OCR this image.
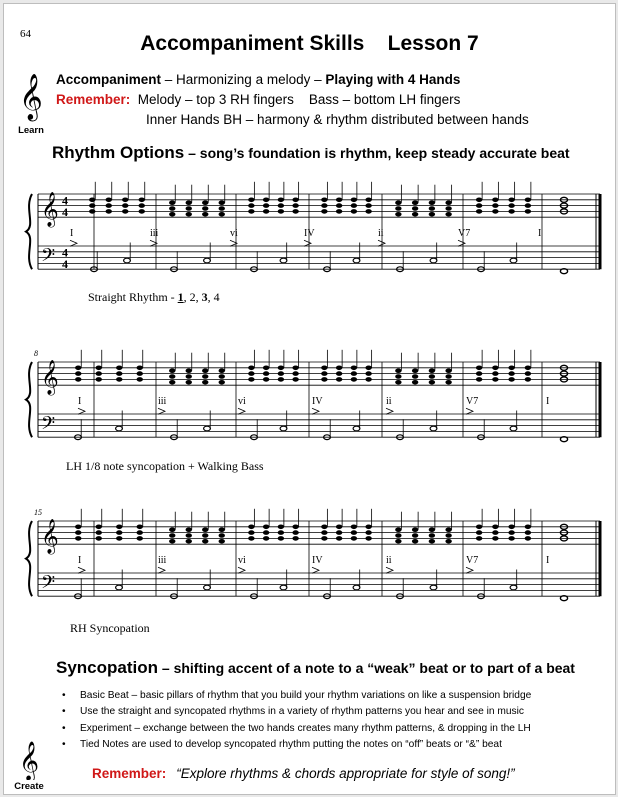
64	Accompaniment Skills    Lesson 7
𝄞
Learn
Accompaniment – Harmonizing a melody – Playing with 4 Hands
Remember:  Melody – top 3 RH fingers    Bass – bottom LH fingers
Inner Hands BH – harmony & rhythm distributed between hands
Rhythm Options – song’s foundation is rhythm, keep steady accurate beat
𝄞
𝄢
4
4
4
4
I	iii	vi	IV	ii	V7	I
𝄞
𝄢
8
I	iii	vi	IV	ii	V7	I
𝄞
𝄢
15
I	iii	vi	IV	ii	V7	I
Straight Rhythm - 1, 2, 3, 4
LH 1/8 note syncopation + Walking Bass
RH Syncopation
Syncopation – shifting accent of a note to a “weak” beat or to part of a beat
• Basic Beat – basic pillars of rhythm that you build your rhythm variations on like a suspension bridge
• Use the straight and syncopated rhythms in a variety of rhythm patterns you hear and see in music
• Experiment – exchange between the two hands creates many rhythm patterns, & dropping in the LH
• Tied Notes are used to develop syncopated rhythm putting the notes on “off” beats or “&” beat
𝄞
Create
Remember: “Explore rhythms & chords appropriate for style of song!”
